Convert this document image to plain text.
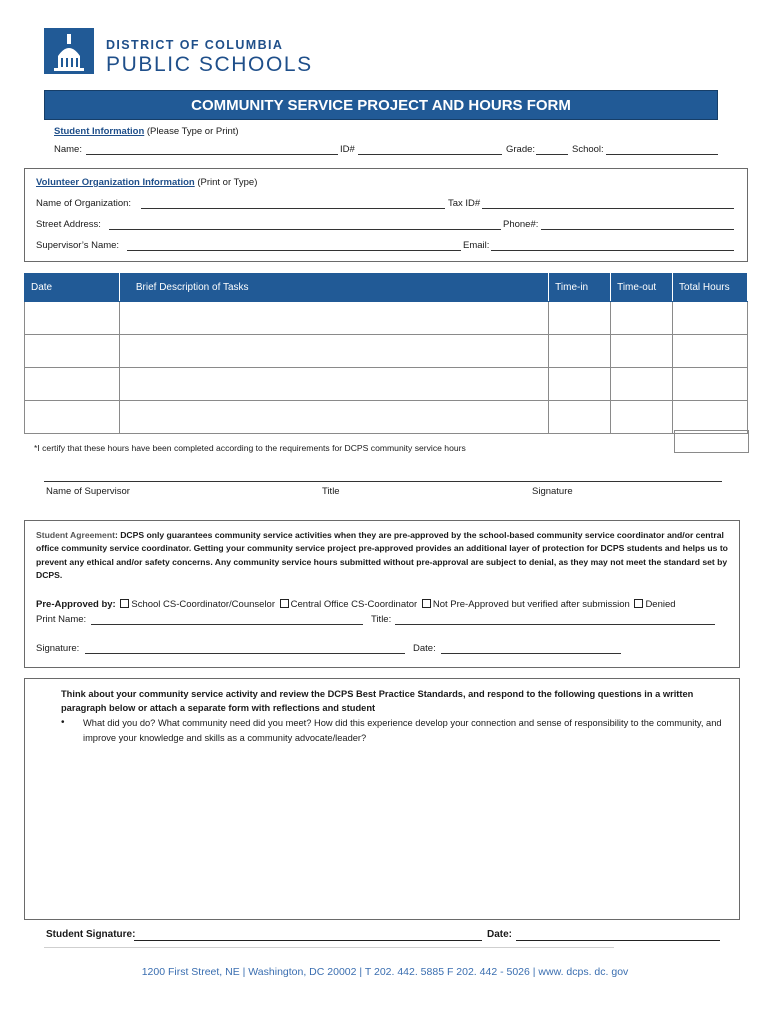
DISTRICT OF COLUMBIA
PUBLIC SCHOOLS
COMMUNITY SERVICE PROJECT AND HOURS FORM
Student Information (Please Type or Print)
Name:	ID#	Grade:	School:
Volunteer Organization Information (Print or Type)
Name of Organization:	Tax ID#
Street Address:	Phone#:
Supervisor’s Name:	Email:
Date	Brief Description of Tasks	Time-in	Time-out	Total Hours

*I certify that these hours have been completed according to the requirements for DCPS community service hours
Name of Supervisor	Title	Signature
Student Agreement: DCPS only guarantees community service activities when they are pre-approved by the school-based community service coordinator and/or central office community service coordinator. Getting your community service project pre-approved provides an additional layer of protection for DCPS students and helps us to prevent any ethical and/or safety concerns. Any community service hours submitted without pre-approval are subject to denial, as they may not meet the standard set by DCPS.
Pre-Approved by: School CS-Coordinator/Counselor Central Office CS-Coordinator Not Pre-Approved but verified after submission Denied
Print Name:	Title:
Signature:	Date:
Think about your community service activity and review the DCPS Best Practice Standards, and respond to the following questions in a written paragraph below or attach a separate form with reflections and student
• What did you do? What community need did you meet? How did this experience develop your connection and sense of responsibility to the community, and improve your knowledge and skills as a community advocate/leader?
Student Signature:	Date:
1200 First Street, NE | Washington, DC 20002 | T 202. 442. 5885 F 202. 442 - 5026 | www. dcps. dc. gov
